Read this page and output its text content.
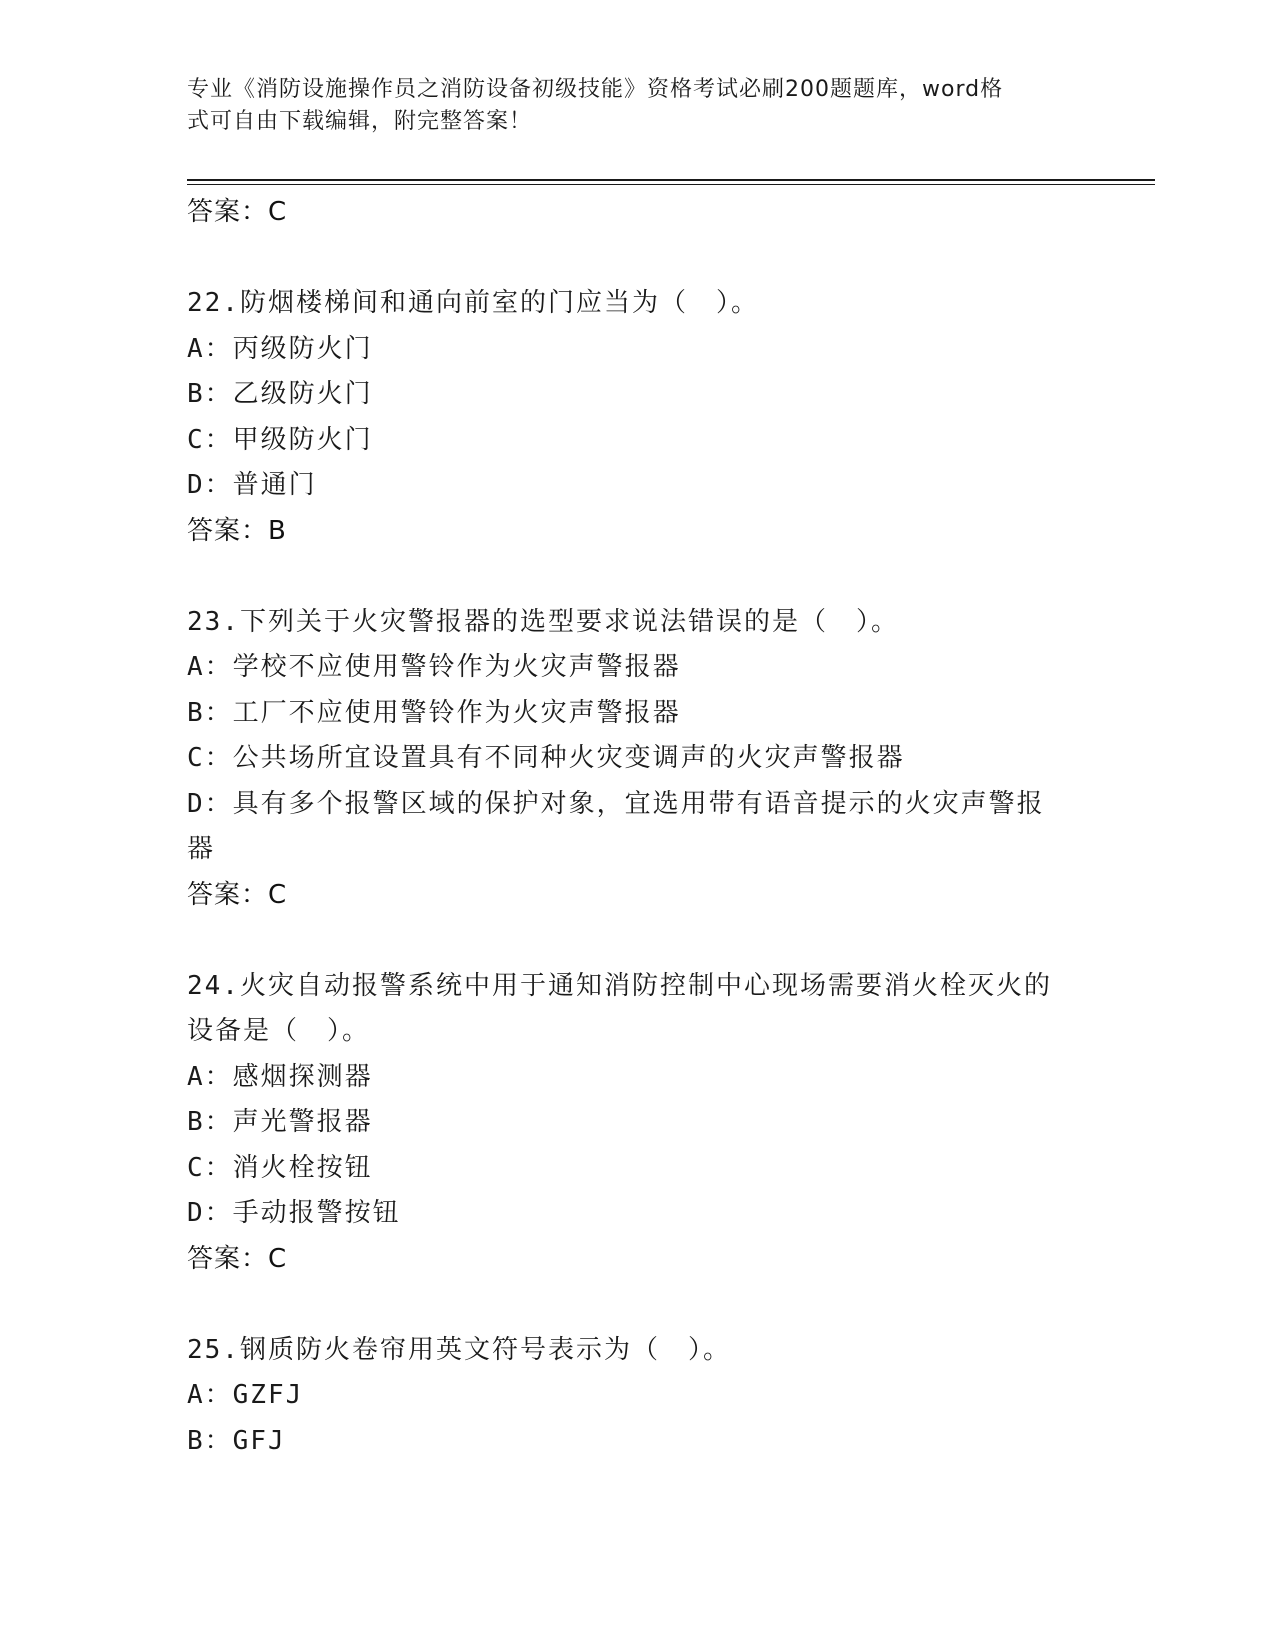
专业《消防设施操作员之消防设备初级技能》资格考试必刷200题题库，word格
式可自由下载编辑，附完整答案！
答案：C
22.防烟楼梯间和通向前室的门应当为（　）。
A：丙级防火门
B：乙级防火门
C：甲级防火门
D：普通门
答案：B
23.下列关于火灾警报器的选型要求说法错误的是（　）。
A：学校不应使用警铃作为火灾声警报器
B：工厂不应使用警铃作为火灾声警报器
C：公共场所宜设置具有不同种火灾变调声的火灾声警报器
D：具有多个报警区域的保护对象，宜选用带有语音提示的火灾声警报
器
答案：C
24.火灾自动报警系统中用于通知消防控制中心现场需要消火栓灭火的
设备是（　）。
A：感烟探测器
B：声光警报器
C：消火栓按钮
D：手动报警按钮
答案：C
25.钢质防火卷帘用英文符号表示为（　）。
A：GZFJ
B：GFJ
